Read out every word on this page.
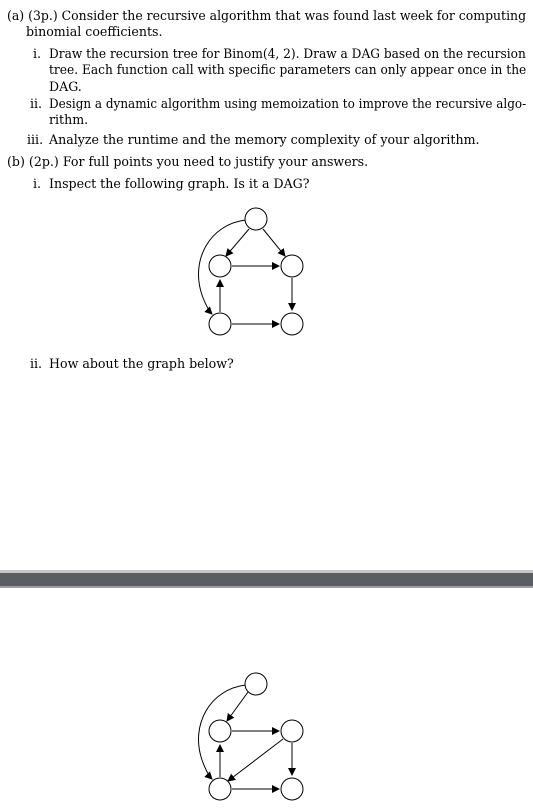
(a) (3p.) Consider the recursive algorithm that was found last week for computing
binomial coefficients.
i. Draw the recursion tree for Binom(4, 2). Draw a DAG based on the recursion
tree. Each function call with specific parameters can only appear once in the
DAG.
ii. Design a dynamic algorithm using memoization to improve the recursive algo-
rithm.
iii. Analyze the runtime and the memory complexity of your algorithm.
(b) (2p.) For full points you need to justify your answers.
i. Inspect the following graph. Is it a DAG?
ii. How about the graph below?
